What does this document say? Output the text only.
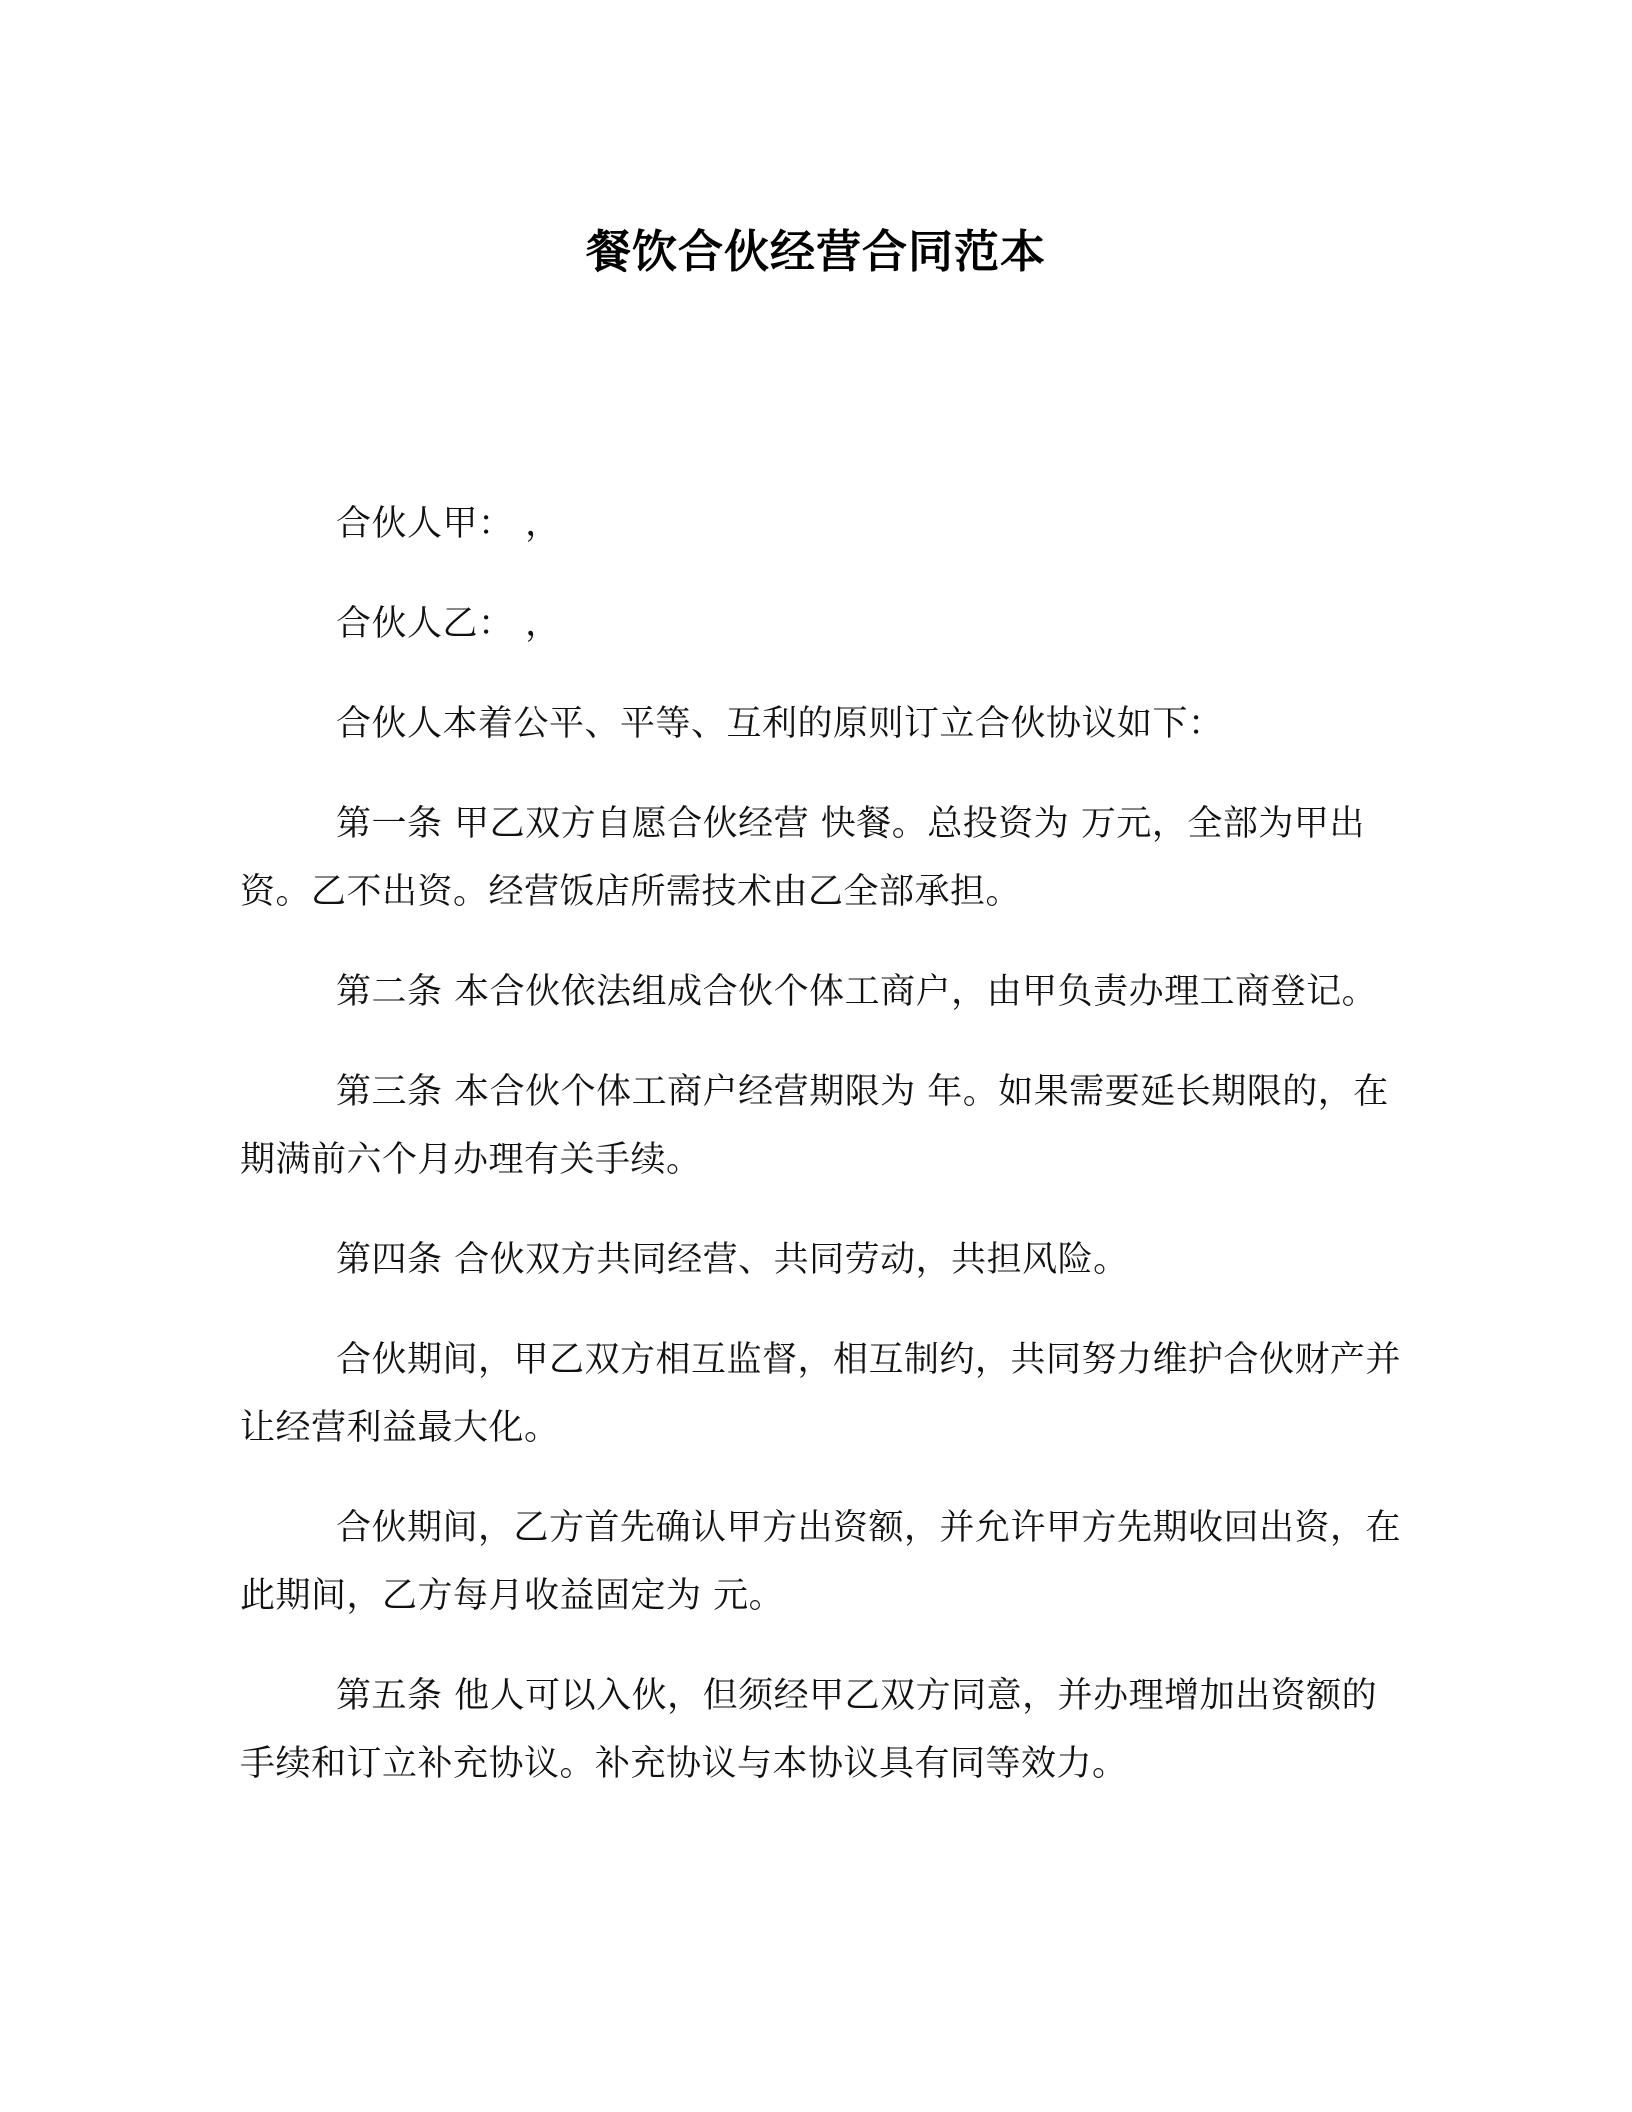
餐饮合伙经营合同范本

合伙人甲： ，

合伙人乙： ，

合伙人本着公平、平等、互利的原则订立合伙协议如下：

第一条 甲乙双方自愿合伙经营 快餐。总投资为 万元，全部为甲出资。乙不出资。经营饭店所需技术由乙全部承担。

第二条 本合伙依法组成合伙个体工商户，由甲负责办理工商登记。

第三条 本合伙个体工商户经营期限为 年。如果需要延长期限的，在期满前六个月办理有关手续。

第四条 合伙双方共同经营、共同劳动，共担风险。

合伙期间，甲乙双方相互监督，相互制约，共同努力维护合伙财产并让经营利益最大化。

合伙期间，乙方首先确认甲方出资额，并允许甲方先期收回出资，在此期间，乙方每月收益固定为 元。

第五条 他人可以入伙，但须经甲乙双方同意，并办理增加出资额的手续和订立补充协议。补充协议与本协议具有同等效力。
